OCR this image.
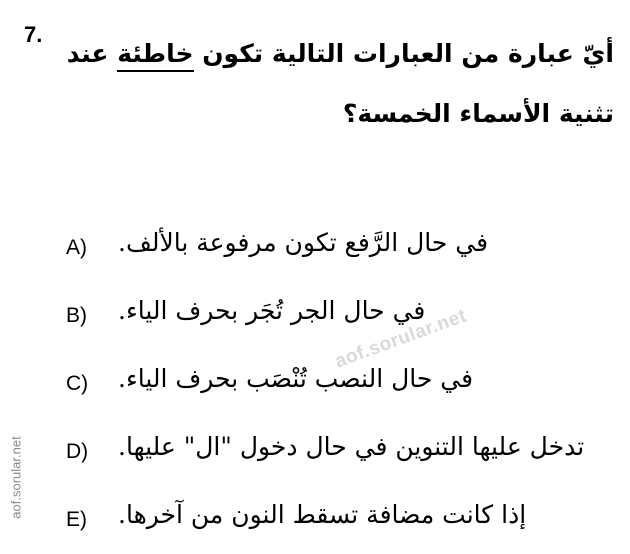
7.
أيّ عبارة من العبارات التالية تكون خاطئة عند تثنية الأسماء الخمسة؟
A) في حال الرَّفع تكون مرفوعة بالألف.
B) في حال الجر تُجَر بحرف الياء.
C) في حال النصب تُنْصَب بحرف الياء.
D) تدخل عليها التنوين في حال دخول "ال" عليها.
E) إذا كانت مضافة تسقط النون من آخرها.
aof.sorular.net
aof.sorular.net
